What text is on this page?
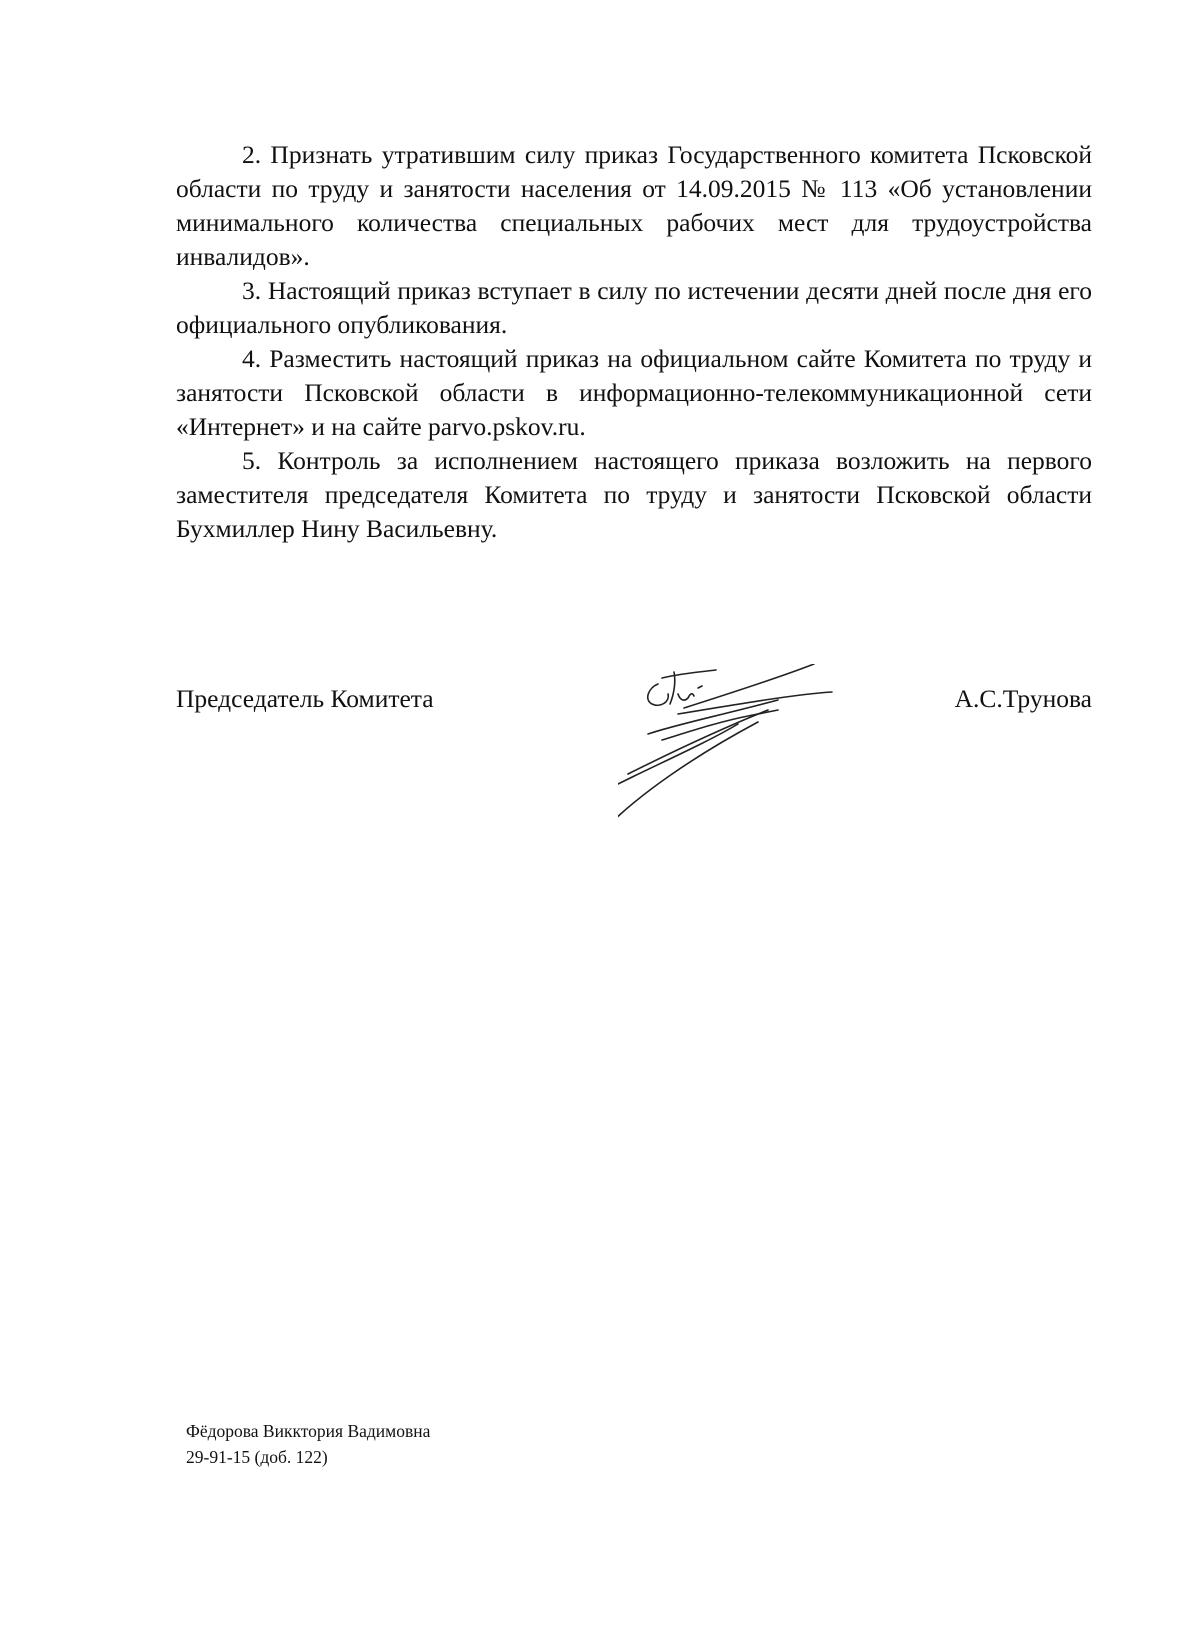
2. Признать утратившим силу приказ Государственного комитета Псковской области по труду и занятости населения от 14.09.2015 № 113 «Об установлении минимального количества специальных рабочих мест для трудоустройства инвалидов».

3. Настоящий приказ вступает в силу по истечении десяти дней после дня его официального опубликования.

4. Разместить настоящий приказ на официальном сайте Комитета по труду и занятости Псковской области в информационно-телекоммуникационной сети «Интернет» и на сайте parvo.pskov.ru.

5. Контроль за исполнением настоящего приказа возложить на первого заместителя председателя Комитета по труду и занятости Псковской области Бухмиллер Нину Васильевну.

Председатель Комитета	А.С.Трунова
Фёдорова Викктория Вадимовна
29-91-15 (доб. 122)
